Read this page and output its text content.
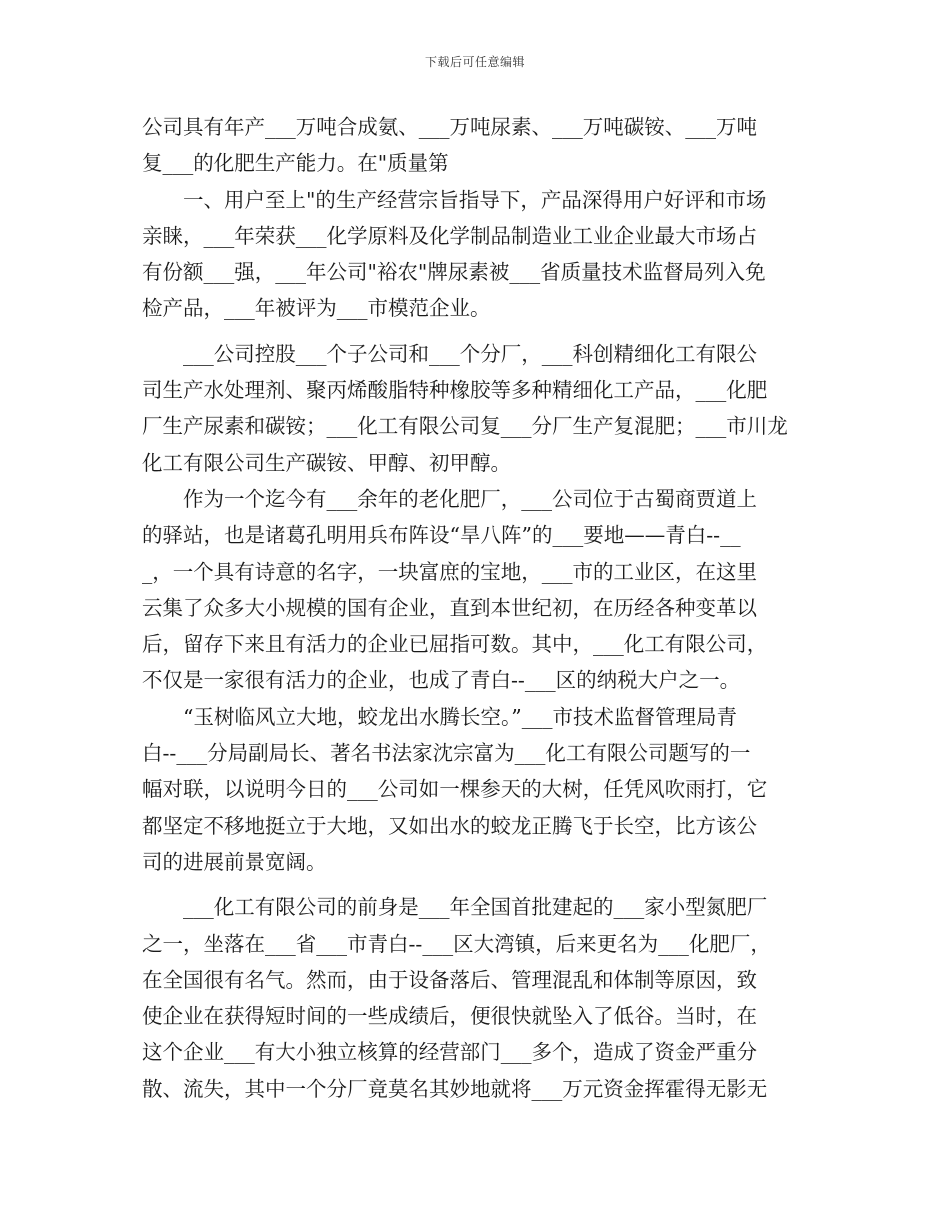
下载后可任意编辑
公司具有年产___万吨合成氨、___万吨尿素、___万吨碳铵、___万吨
复___的化肥生产能力。在"质量第
　　一、用户至上"的生产经营宗旨指导下，产品深得用户好评和市场
亲睐，___年荣获___化学原料及化学制品制造业工业企业最大市场占
有份额___强，___年公司"裕农"牌尿素被___省质量技术监督局列入免
检产品，___年被评为___市模范企业。
　　___公司控股___个子公司和___个分厂，___科创精细化工有限公
司生产水处理剂、聚丙烯酸脂特种橡胶等多种精细化工产品，___化肥
厂生产尿素和碳铵；___化工有限公司复___分厂生产复混肥；___市川龙
化工有限公司生产碳铵、甲醇、初甲醇。
　　作为一个迄今有___余年的老化肥厂，___公司位于古蜀商贾道上
的驿站，也是诸葛孔明用兵布阵设“旱八阵”的___要地——青白--__
_，一个具有诗意的名字，一块富庶的宝地，___市的工业区，在这里
云集了众多大小规模的国有企业，直到本世纪初，在历经各种变革以
后，留存下来且有活力的企业已屈指可数。其中，___化工有限公司，
不仅是一家很有活力的企业，也成了青白--___区的纳税大户之一。
　　“玉树临风立大地，蛟龙出水腾长空。”___市技术监督管理局青
白--___分局副局长、著名书法家沈宗富为___化工有限公司题写的一
幅对联，以说明今日的___公司如一棵参天的大树，任凭风吹雨打，它
都坚定不移地挺立于大地，又如出水的蛟龙正腾飞于长空，比方该公
司的进展前景宽阔。
　　___化工有限公司的前身是___年全国首批建起的___家小型氮肥厂
之一，坐落在___省___市青白--___区大湾镇，后来更名为___化肥厂，
在全国很有名气。然而，由于设备落后、管理混乱和体制等原因，致
使企业在获得短时间的一些成绩后，便很快就坠入了低谷。当时，在
这个企业___有大小独立核算的经营部门___多个，造成了资金严重分
散、流失，其中一个分厂竟莫名其妙地就将___万元资金挥霍得无影无
